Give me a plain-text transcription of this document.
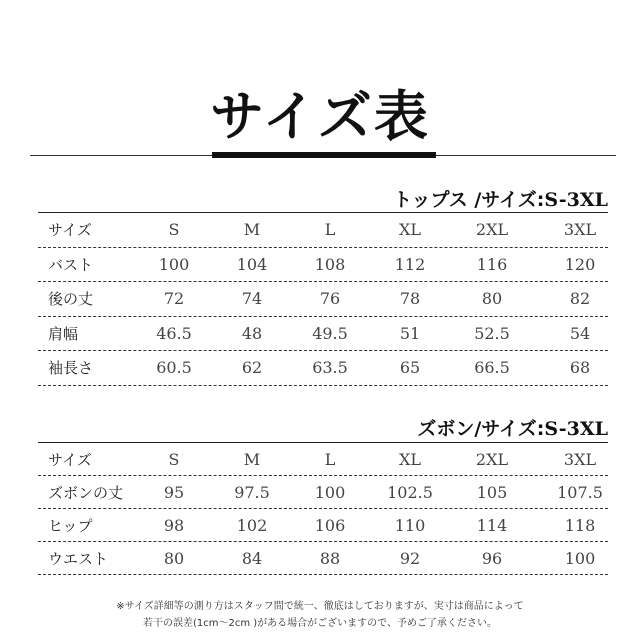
サイズ表
トップス /サイズ:S-3XL
サイズ	S	M	L	XL	2XL	3XL
バスト	100	104	108	112	116	120
後の丈	72	74	76	78	80	82
肩幅	46.5	48	49.5	51	52.5	54
袖長さ	60.5	62	63.5	65	66.5	68
ズボン/サイズ:S-3XL
サイズ	S	M	L	XL	2XL	3XL
ズボンの丈	95	97.5	100	102.5	105	107.5
ヒップ	98	102	106	110	114	118
ウエスト	80	84	88	92	96	100
※サイズ詳細等の測り方はスタッフ間で統一、徹底はしておりますが、実寸は商品によって
若干の誤差(1cm～2cm )がある場合がございますので、予めご了承ください。
